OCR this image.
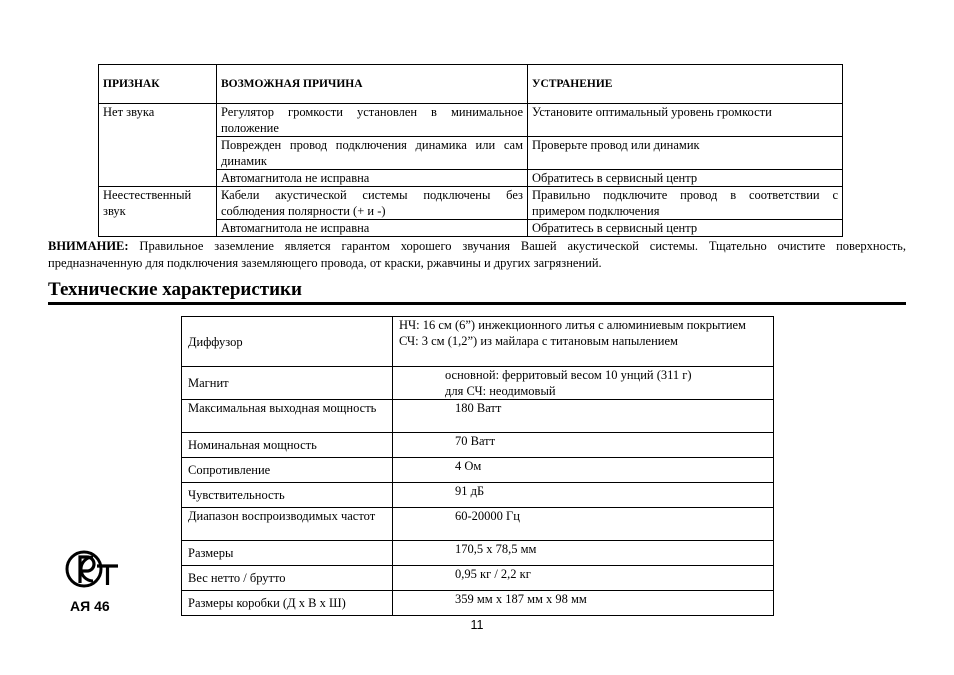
ПРИЗНАК	ВОЗМОЖНАЯ ПРИЧИНА	УСТРАНЕНИЕ
Нет звука	Регулятор громкости установлен в минимальное положение	Установите оптимальный уровень громкости
	Поврежден провод подключения динамика или сам динамик	Проверьте провод или динамик
	Автомагнитола не исправна	Обратитесь в сервисный центр
Неестественный звук	Кабели акустической системы подключены без соблюдения полярности (+ и -)	Правильно подключите провод в соответствии с примером подключения
	Автомагнитола не исправна	Обратитесь в сервисный центр
ВНИМАНИЕ: Правильное заземление является гарантом хорошего звучания Вашей акустической системы. Тщательно очистите поверхность, предназначенную для подключения заземляющего провода, от краски, ржавчины и других загрязнений.
Технические характеристики
Диффузор	НЧ: 16 см (6”) инжекционного литья с алюминиевым покрытием
СЧ: 3 см (1,2”) из майлара с титановым напылением

Магнит	основной: ферритовый весом 10 унций (311 г)
для СЧ: неодимовый

Максимальная выходная мощность	180 Ватт
Номинальная мощность	70 Ватт
Сопротивление	4 Ом
Чувствительность	91 дБ
Диапазон воспроизводимых частот	60-20000 Гц
Размеры	170,5 х 78,5 мм
Вес нетто / брутто	0,95 кг / 2,2 кг
Размеры коробки (Д х В х Ш)	359 мм х 187 мм х 98 мм
АЯ 46
11
